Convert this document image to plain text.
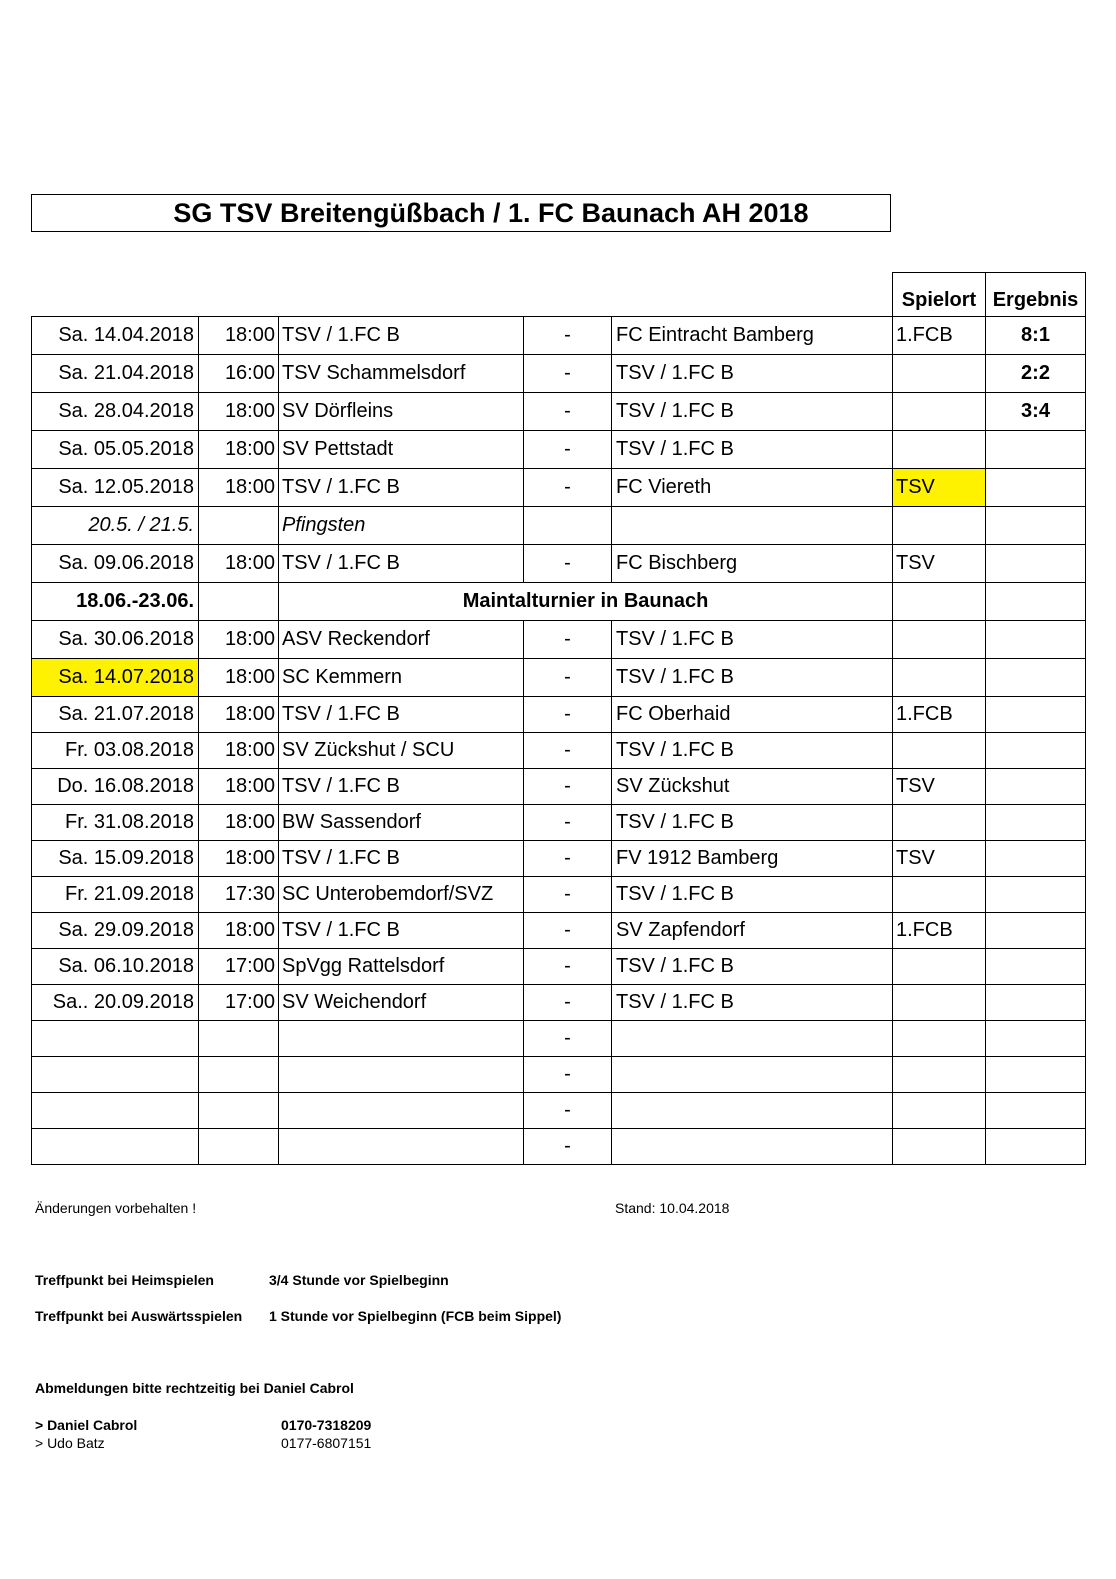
SG TSV Breitengüßbach / 1. FC Baunach AH 2018
					Spielort	Ergebnis
Sa. 14.04.2018	18:00	TSV / 1.FC B	-	FC Eintracht Bamberg	1.FCB	8:1
Sa. 21.04.2018	16:00	TSV Schammelsdorf	-	TSV / 1.FC B		2:2
Sa. 28.04.2018	18:00	SV Dörfleins	-	TSV / 1.FC B		3:4
Sa. 05.05.2018	18:00	SV Pettstadt	-	TSV / 1.FC B		
Sa. 12.05.2018	18:00	TSV / 1.FC B	-	FC Viereth	TSV	
20.5. / 21.5.		Pfingsten				
Sa. 09.06.2018	18:00	TSV / 1.FC B	-	FC Bischberg	TSV	
18.06.-23.06.		Maintalturnier in Baunach				
Sa. 30.06.2018	18:00	ASV Reckendorf	-	TSV / 1.FC B		
Sa. 14.07.2018	18:00	SC Kemmern	-	TSV / 1.FC B		
Sa. 21.07.2018	18:00	TSV / 1.FC B	-	FC Oberhaid	1.FCB	
Fr. 03.08.2018	18:00	SV Zückshut / SCU	-	TSV / 1.FC B		
Do. 16.08.2018	18:00	TSV / 1.FC B	-	SV Zückshut	TSV	
Fr. 31.08.2018	18:00	BW Sassendorf	-	TSV / 1.FC B		
Sa. 15.09.2018	18:00	TSV / 1.FC B	-	FV 1912 Bamberg	TSV	
Fr. 21.09.2018	17:30	SC Unterobemdorf/SVZ	-	TSV / 1.FC B		
Sa. 29.09.2018	18:00	TSV / 1.FC B	-	SV Zapfendorf	1.FCB	
Sa. 06.10.2018	17:00	SpVgg Rattelsdorf	-	TSV / 1.FC B		
Sa.. 20.09.2018	17:00	SV Weichendorf	-	TSV / 1.FC B		
			-			
			-			
			-			
			-			
Änderungen vorbehalten !	Stand: 10.04.2018
Treffpunkt bei Heimspielen	3/4 Stunde vor Spielbeginn
Treffpunkt bei Auswärtsspielen 1 Stunde vor Spielbeginn (FCB beim Sippel)
Abmeldungen bitte rechtzeitig bei Daniel Cabrol
> Daniel Cabrol	0170-7318209
> Udo Batz	0177-6807151
